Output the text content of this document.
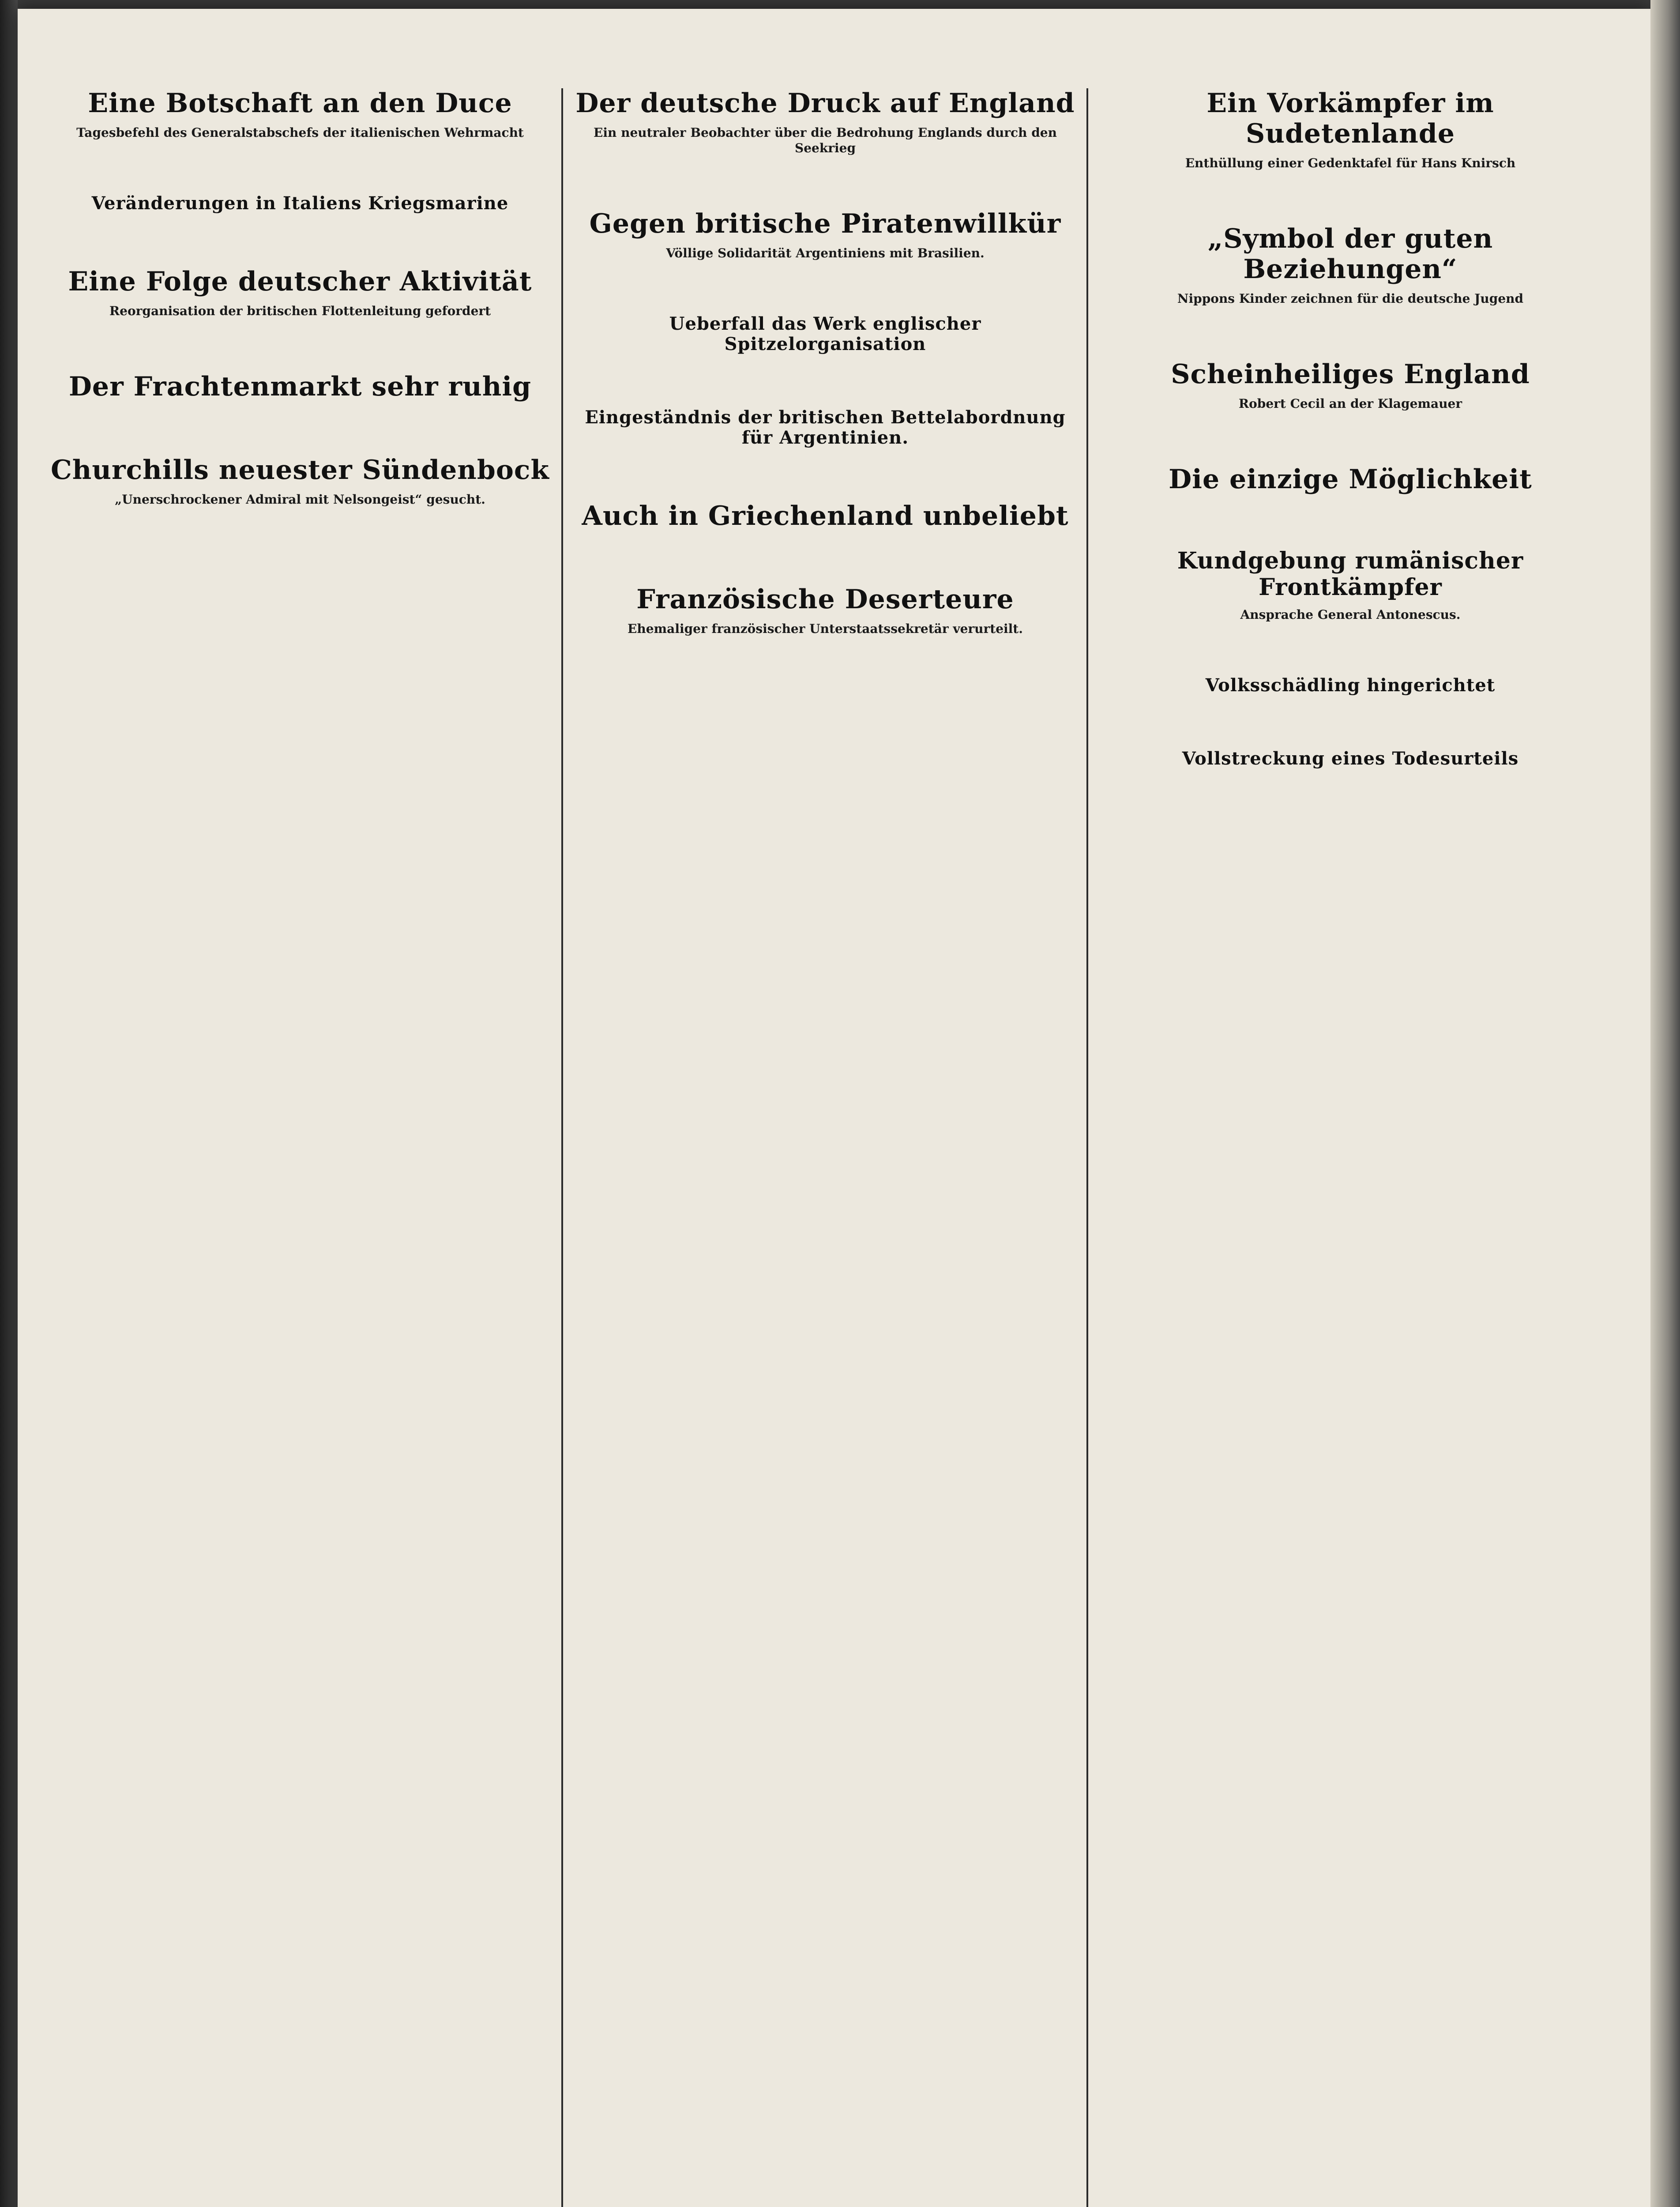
Eine Botschaft an den Duce
Tagesbefehl des Generalstabschefs der italienischen Wehrmacht
Veränderungen in Italiens Kriegsmarine
Eine Folge deutscher Aktivität
Reorganisation der britischen Flottenleitung gefordert
Der Frachtenmarkt sehr ruhig
Churchills neuester Sündenbock
„Unerschrockener Admiral mit Nelsongeist“ gesucht.
Der deutsche Druck auf England
Ein neutraler Beobachter über die Bedrohung Englands durch den Seekrieg
Gegen britische Piratenwillkür
Völlige Solidarität Argentiniens mit Brasilien.
Ueberfall das Werk englischer Spitzelorganisation
Eingeständnis der britischen Bettelabordnung für Argentinien.
Auch in Griechenland unbeliebt
Französische Deserteure
Ehemaliger französischer Unterstaatssekretär verurteilt.
Ein Vorkämpfer im Sudetenlande
Enthüllung einer Gedenktafel für Hans Knirsch
„Symbol der guten Beziehungen“
Nippons Kinder zeichnen für die deutsche Jugend
Scheinheiliges England
Robert Cecil an der Klagemauer
Die einzige Möglichkeit
Kundgebung rumänischer Frontkämpfer
Ansprache General Antonescus.
Volksschädling hingerichtet
Vollstreckung eines Todesurteils
